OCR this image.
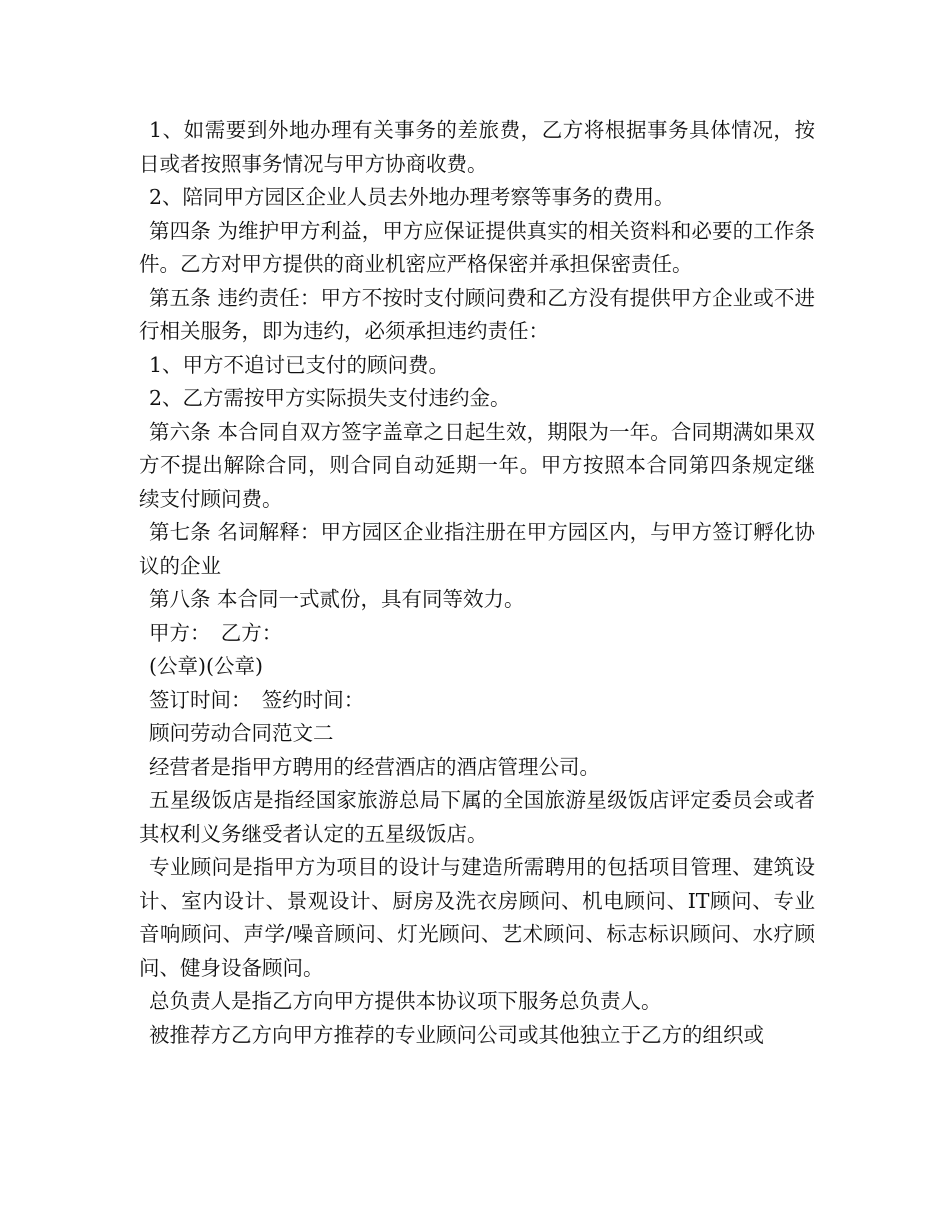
1、如需要到外地办理有关事务的差旅费，乙方将根据事务具体情况，按日或者按照事务情况与甲方协商收费。

2、陪同甲方园区企业人员去外地办理考察等事务的费用。

第四条 为维护甲方利益，甲方应保证提供真实的相关资料和必要的工作条件。乙方对甲方提供的商业机密应严格保密并承担保密责任。

第五条 违约责任：甲方不按时支付顾问费和乙方没有提供甲方企业或不进行相关服务，即为违约，必须承担违约责任：

1、甲方不追讨已支付的顾问费。

2、乙方需按甲方实际损失支付违约金。

第六条 本合同自双方签字盖章之日起生效，期限为一年。合同期满如果双方不提出解除合同，则合同自动延期一年。甲方按照本合同第四条规定继续支付顾问费。

第七条 名词解释：甲方园区企业指注册在甲方园区内，与甲方签订孵化协议的企业

第八条 本合同一式贰份，具有同等效力。

甲方：　乙方：

(公章)(公章)

签订时间：　签约时间：

顾问劳动合同范文二

经营者是指甲方聘用的经营酒店的酒店管理公司。

五星级饭店是指经国家旅游总局下属的全国旅游星级饭店评定委员会或者其权利义务继受者认定的五星级饭店。

专业顾问是指甲方为项目的设计与建造所需聘用的包括项目管理、建筑设计、室内设计、景观设计、厨房及洗衣房顾问、机电顾问、IT顾问、专业音响顾问、声学/噪音顾问、灯光顾问、艺术顾问、标志标识顾问、水疗顾问、健身设备顾问。

总负责人是指乙方向甲方提供本协议项下服务总负责人。

被推荐方乙方向甲方推荐的专业顾问公司或其他独立于乙方的组织或
